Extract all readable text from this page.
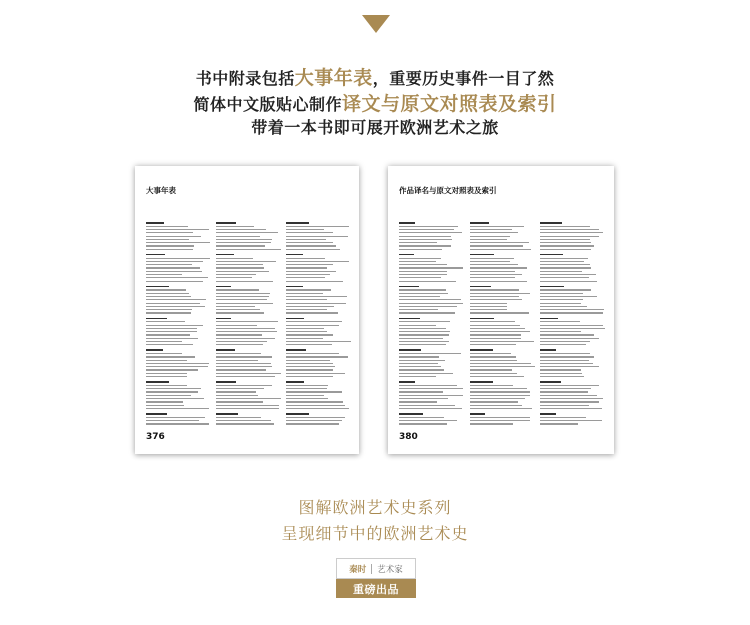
书中附录包括大事年表，重要历史事件一目了然
简体中文版贴心制作译文与原文对照表及索引
带着一本书即可展开欧洲艺术之旅
大事年表
376
作品译名与原文对照表及索引
380
图解欧洲艺术史系列
呈现细节中的欧洲艺术史
秦时 艺术家
重磅出品
